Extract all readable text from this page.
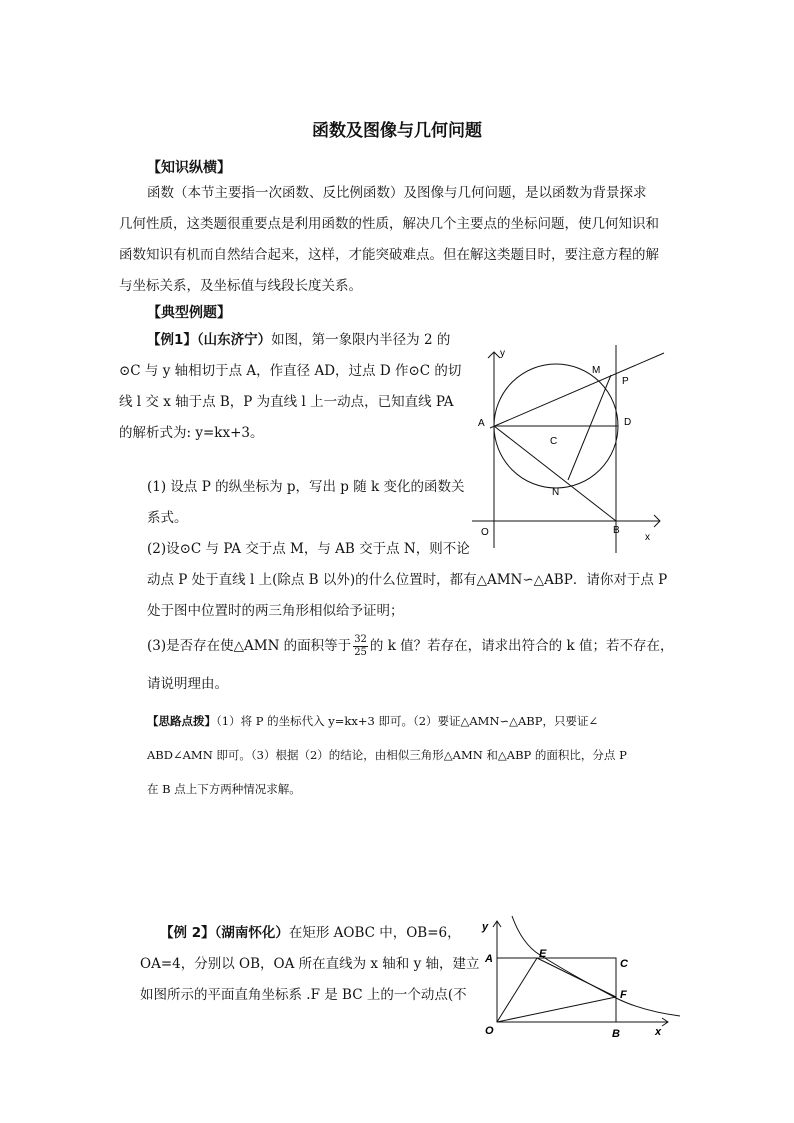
函数及图像与几何问题
【知识纵横】

函数（本节主要指一次函数、反比例函数）及图像与几何问题，是以函数为背景探求

几何性质，这类题很重要点是利用函数的性质，解决几个主要点的坐标问题，使几何知识和

函数知识有机而自然结合起来，这样，才能突破难点。但在解这类题目时，要注意方程的解

与坐标关系，及坐标值与线段长度关系。

【典型例题】

【例1】（山东济宁）如图，第一象限内半径为 2 的

⊙C 与 y 轴相切于点 A，作直径 AD，过点 D 作⊙C 的切

线 l 交 x 轴于点 B，P 为直线 l 上一动点，已知直线 PA

的解析式为: y=kx+3。

(1) 设点 P 的纵坐标为 p，写出 p 随 k 变化的函数关

系式。

(2)设⊙C 与 PA 交于点 M，与 AB 交于点 N，则不论

动点 P 处于直线 l 上(除点 B 以外)的什么位置时，都有△AMN∽△ABP．请你对于点 P

处于图中位置时的两三角形相似给予证明；

(3)是否存在使△AMN 的面积等于 $\frac{32}{25}$ 的 k 值？若存在，请求出符合的 k 值；若不存在，

请说明理由。

【思路点拨】（1）将 P 的坐标代入 y=kx+3 即可。（2）要证△AMN∽△ABP，只要证∠

ABD∠AMN 即可。（3）根据（2）的结论，由相似三角形△AMN 和△ABP 的面积比，分点 P

在 B 点上下方两种情况求解。

y
x
O
A
B
C
D
M
N
P

【例 2】（湖南怀化）在矩形 AOBC 中，OB=6，

OA=4，分别以 OB，OA 所在直线为 x 轴和 y 轴，建立

如图所示的平面直角坐标系 .F 是 BC 上的一个动点(不

y
x
O
A
B
C
E
F
